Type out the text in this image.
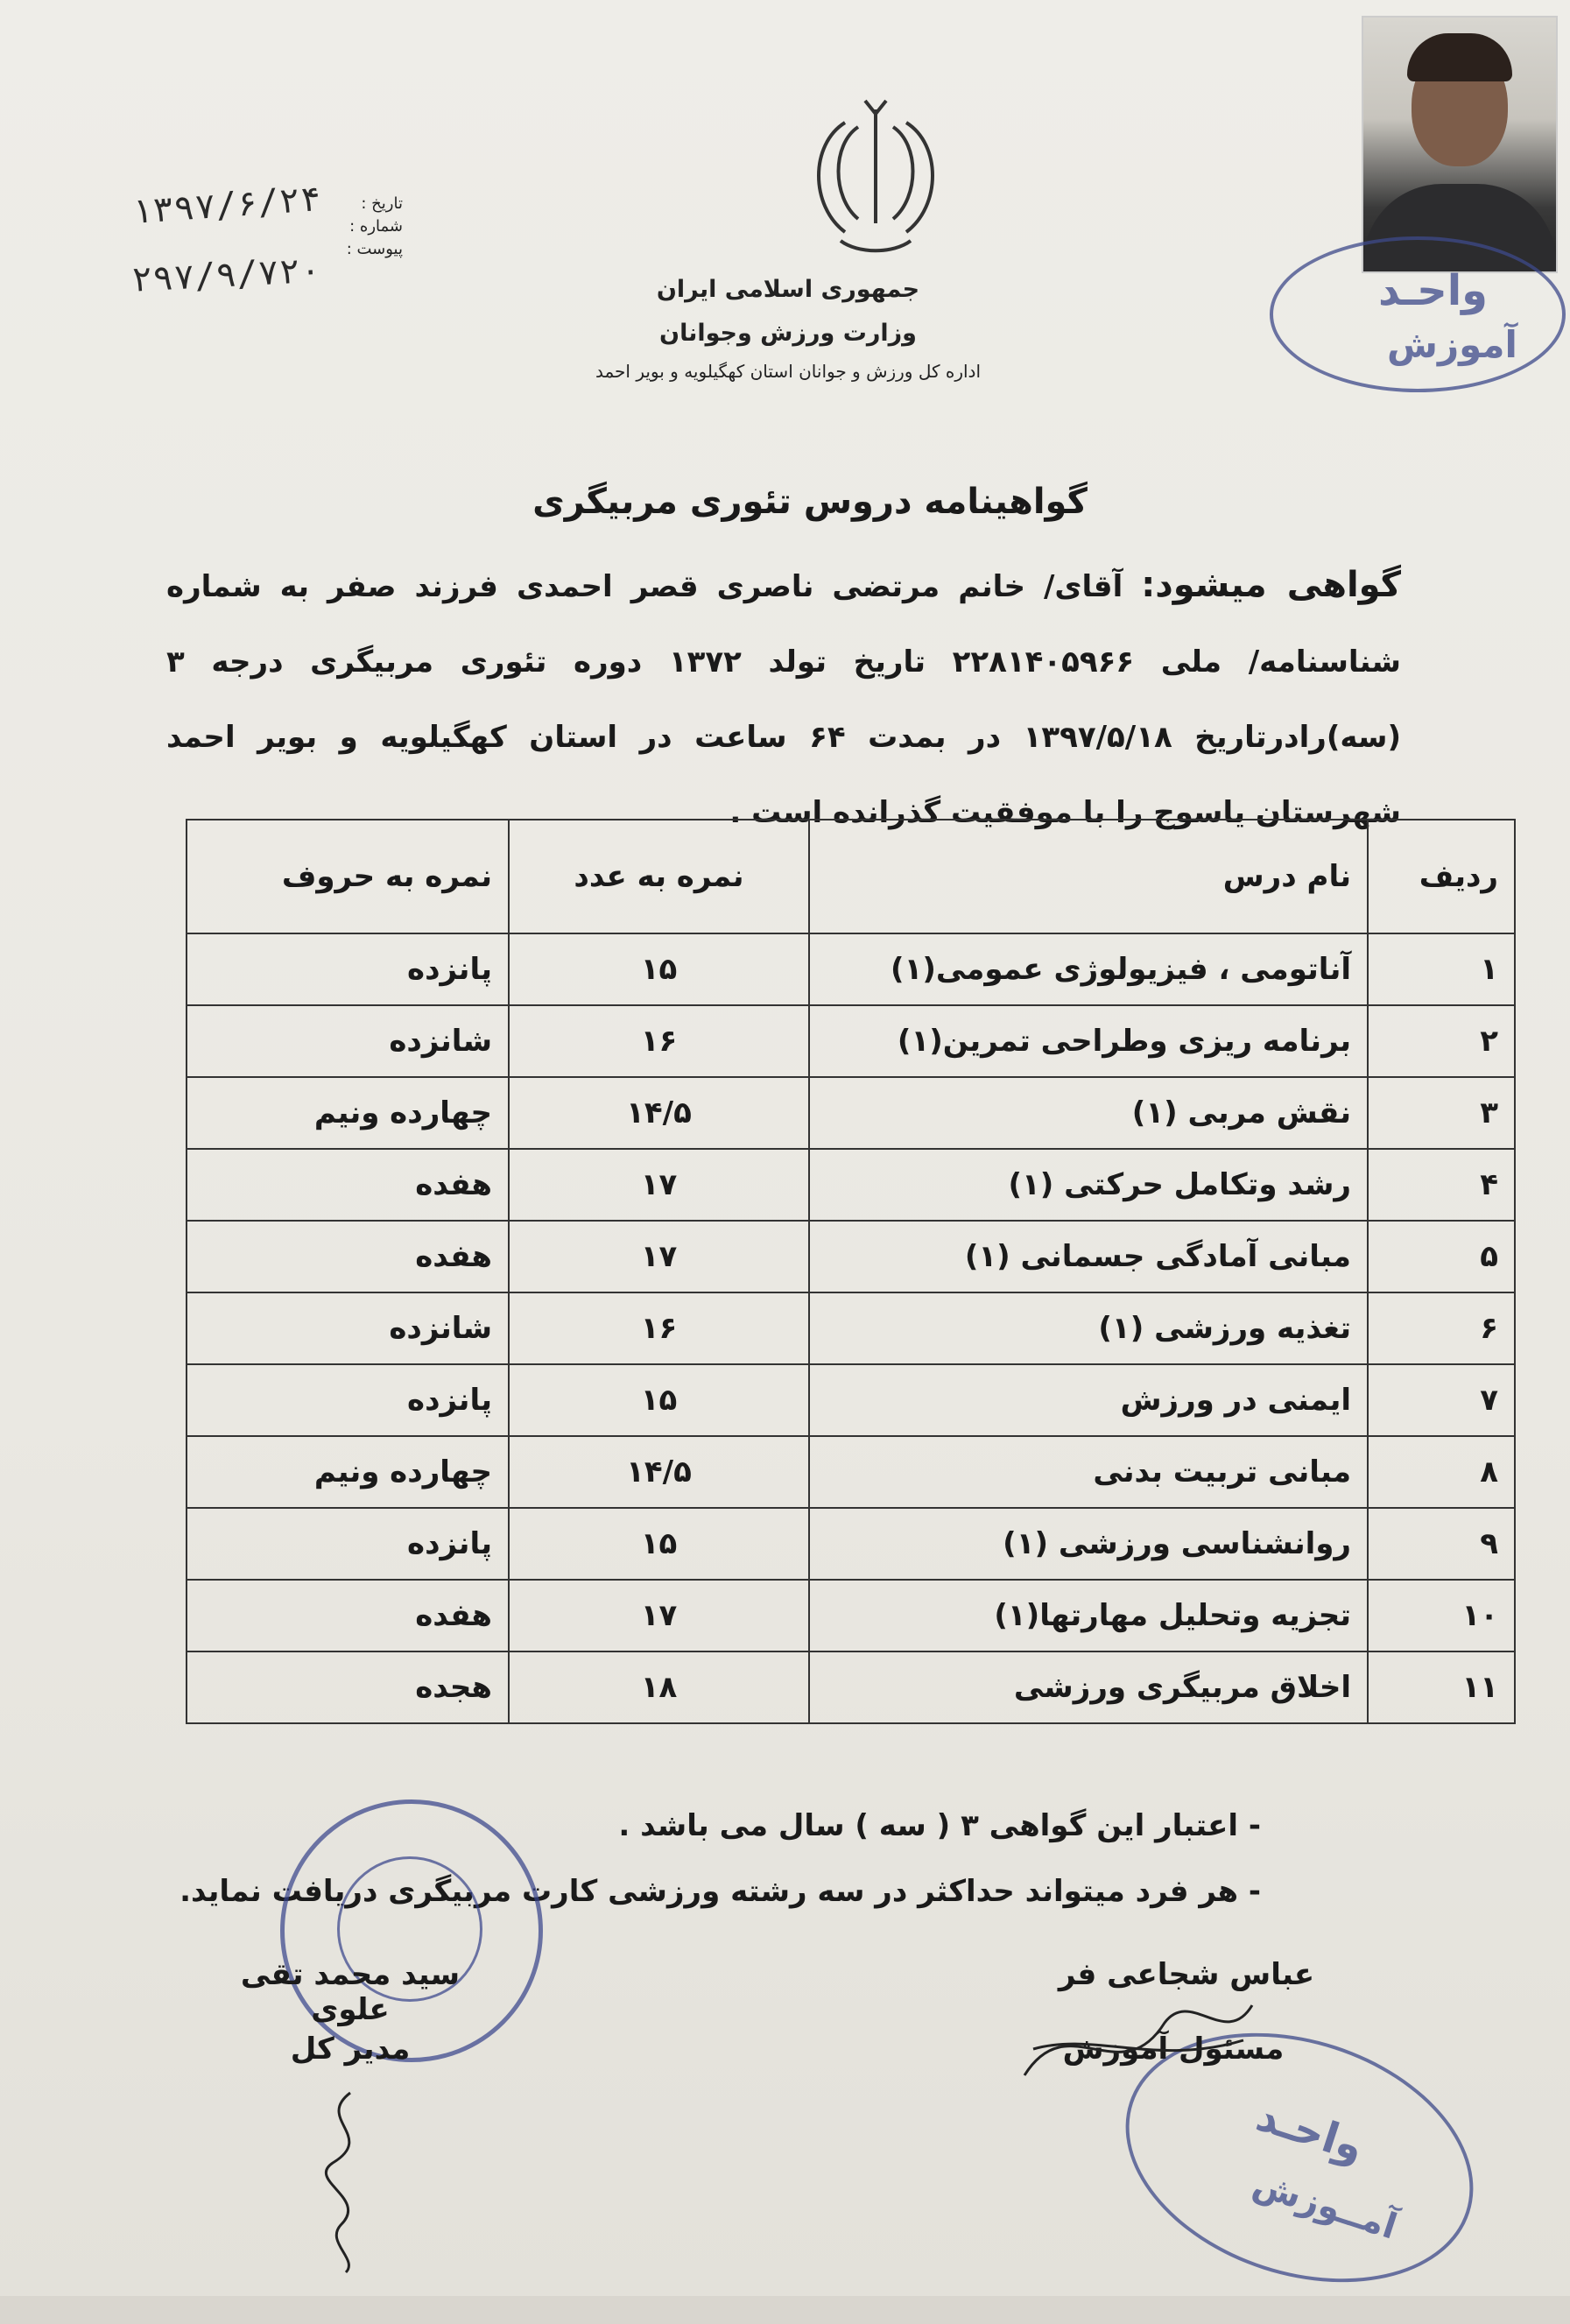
جمهوری اسلامی ایران
وزارت ورزش وجوانان
اداره کل ورزش و جوانان استان کهگیلویه و بویر احمد
تاریخ :
شماره :
پیوست :
۱۳۹۷/۶/۲۴
۲۹۷/۹/۷۲۰	واحـد
آموزش
گواهینامه دروس تئوری مربیگری
گواهی میشود: آقای/ خانم مرتضی ناصری قصر احمدی فرزند صفر به شماره شناسنامه/ ملی ۲۲۸۱۴۰۵۹۶۶ تاریخ تولد ۱۳۷۲ دوره تئوری مربیگری درجه ۳ (سه)رادرتاریخ ۱۳۹۷/۵/۱۸ در بمدت ۶۴ ساعت در استان کهگیلویه و بویر احمد شهرستان یاسوج را با موفقیت گذرانده است .
ردیف	نام درس	نمره به عدد	نمره به حروف
۱	آناتومی ، فیزیولوژی عمومی(۱)	۱۵	پانزده
۲	برنامه ریزی وطراحی تمرین(۱)	۱۶	شانزده
۳	نقش مربی (۱)	۱۴/۵	چهارده ونیم
۴	رشد وتکامل حرکتی (۱)	۱۷	هفده
۵	مبانی آمادگی جسمانی (۱)	۱۷	هفده
۶	تغذیه ورزشی (۱)	۱۶	شانزده
۷	ایمنی در ورزش	۱۵	پانزده
۸	مبانی تربیت بدنی	۱۴/۵	چهارده ونیم
۹	روانشناسی ورزشی (۱)	۱۵	پانزده
۱۰	تجزیه وتحلیل مهارتها(۱)	۱۷	هفده
۱۱	اخلاق مربیگری ورزشی	۱۸	هجده
- اعتبار این گواهی ۳ ( سه ) سال می باشد .
- هر فرد میتواند حداکثر در سه رشته ورزشی کارت مربیگری دریافت نماید.
واحـد
آمــوزش
سید محمد تقی علوی
مدیر کل
عباس شجاعی فر
مسئول آموزش
